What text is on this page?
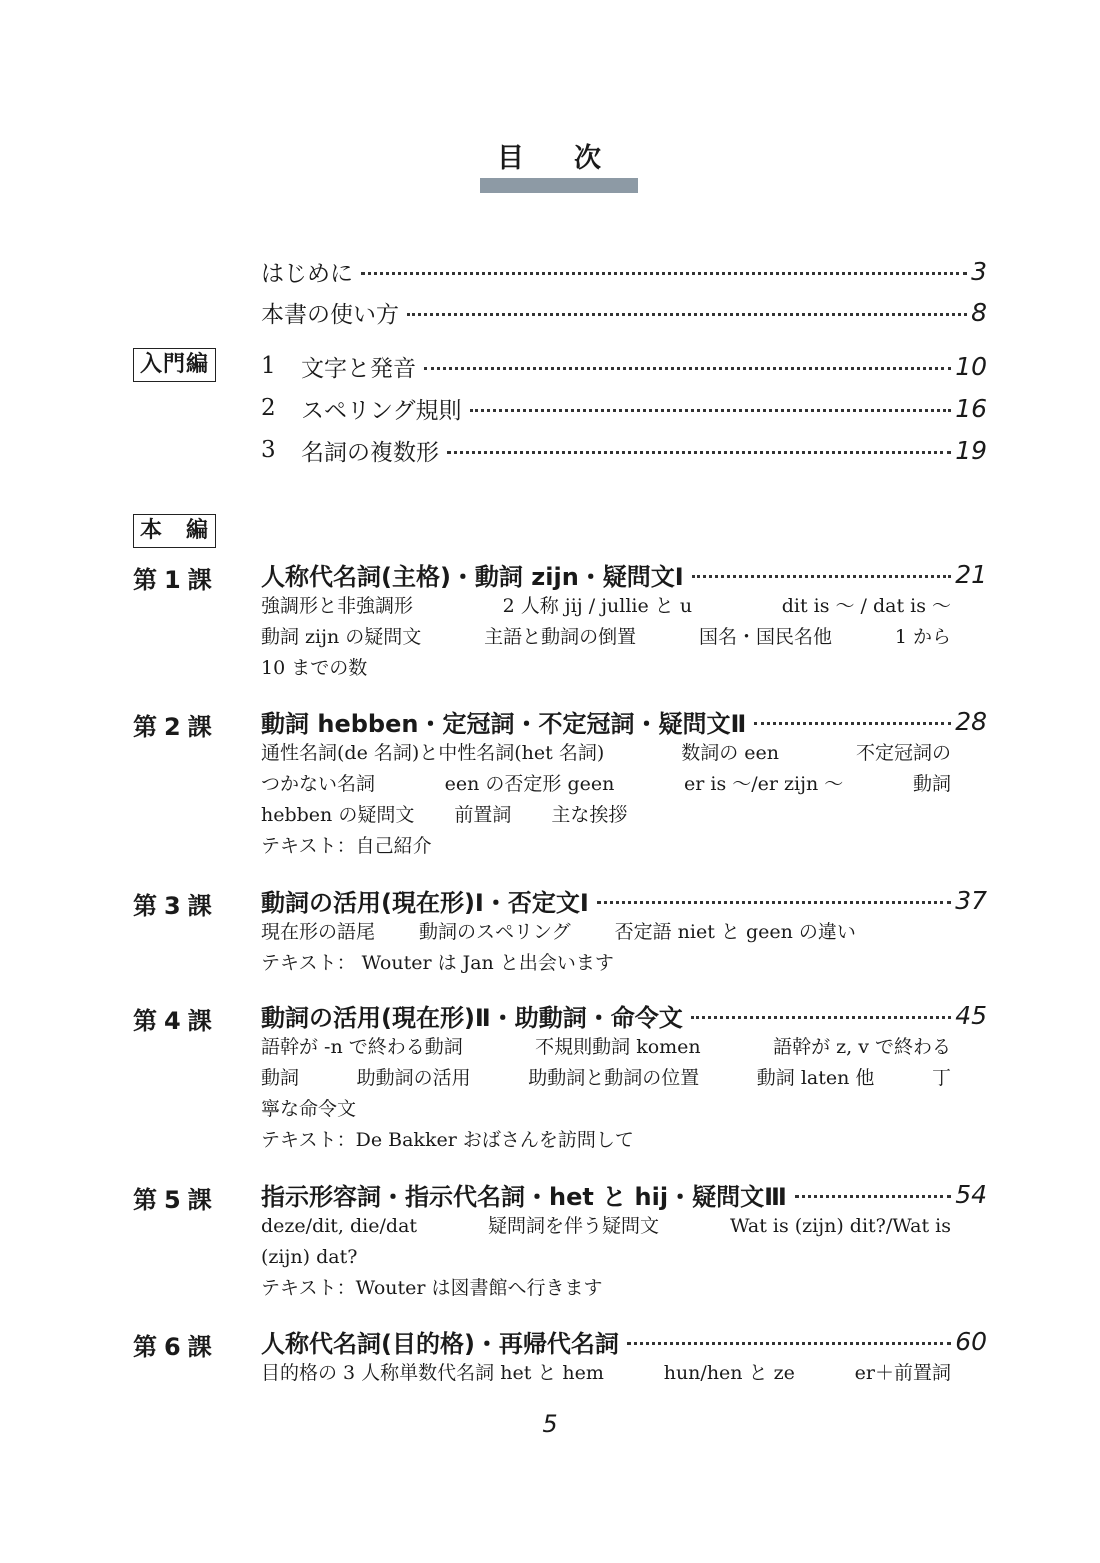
目 次
はじめに	3
本書の使い方	8
入門編	1	文字と発音	10
2	スペリング規則	16
3	名詞の複数形	19
本　編
第 1 課 人称代名詞(主格)・動詞 zijn・疑問文Ⅰ	21
強調形と非強調形	2 人称 jij / jullie と u	dit is 〜 / dat is 〜
動詞 zijn の疑問文	主語と動詞の倒置	国名・国民名他	1 から
10 までの数
第 2 課 動詞 hebben・定冠詞・不定冠詞・疑問文Ⅱ	28
通性名詞(de 名詞)と中性名詞(het 名詞)	数詞の een	不定冠詞の
つかない名詞	een の否定形 geen	er is 〜/er zijn 〜	動詞
hebben の疑問文 前置詞 主な挨拶
テキスト：自己紹介
第 3 課 動詞の活用(現在形)Ⅰ・否定文Ⅰ	37
現在形の語尾 動詞のスペリング 否定語 niet と geen の違い
テキスト： Wouter は Jan と出会います
第 4 課 動詞の活用(現在形)Ⅱ・助動詞・命令文	45
語幹が -n で終わる動詞	不規則動詞 komen	語幹が z, v で終わる
動詞	助動詞の活用	助動詞と動詞の位置	動詞 laten 他	丁
寧な命令文
テキスト：De Bakker おばさんを訪問して
第 5 課 指示形容詞・指示代名詞・het と hij・疑問文Ⅲ	54
deze/dit, die/dat	疑問詞を伴う疑問文	Wat is (zijn) dit?/Wat is
(zijn) dat?
テキスト：Wouter は図書館へ行きます
第 6 課 人称代名詞(目的格)・再帰代名詞	60
目的格の 3 人称単数代名詞 het と hem	hun/hen と ze	er＋前置詞
5
